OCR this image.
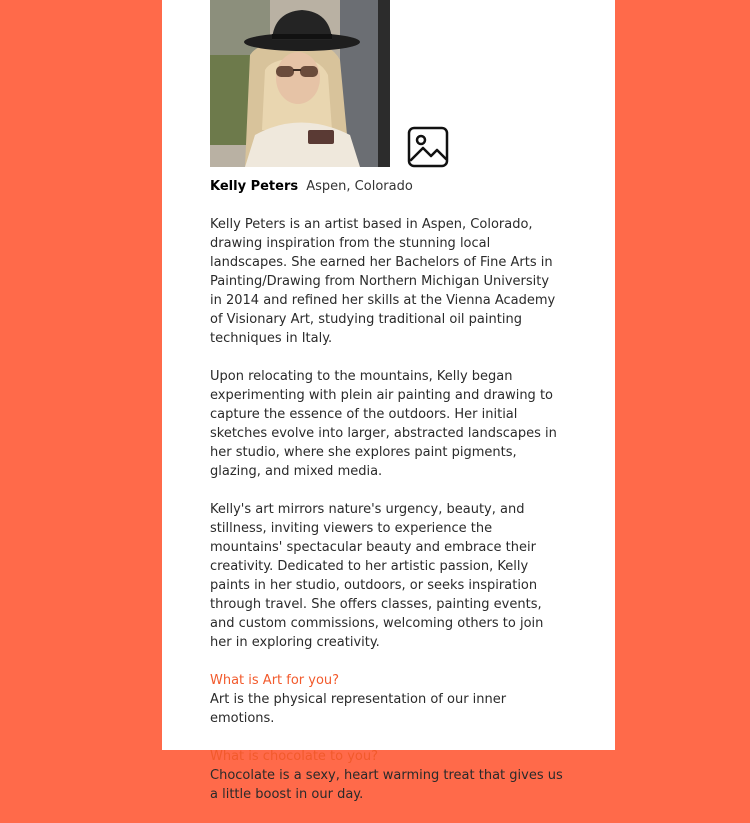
Kelly Peters Aspen, Colorado

Kelly Peters is an artist based in Aspen, Colorado, drawing inspiration from the stunning local landscapes. She earned her Bachelors of Fine Arts in Painting/Drawing from Northern Michigan University in 2014 and refined her skills at the Vienna Academy of Visionary Art, studying traditional oil painting techniques in Italy.

Upon relocating to the mountains, Kelly began experimenting with plein air painting and drawing to capture the essence of the outdoors. Her initial sketches evolve into larger, abstracted landscapes in her studio, where she explores paint pigments, glazing, and mixed media.

Kelly's art mirrors nature's urgency, beauty, and stillness, inviting viewers to experience the mountains' spectacular beauty and embrace their creativity. Dedicated to her artistic passion, Kelly paints in her studio, outdoors, or seeks inspiration through travel. She offers classes, painting events, and custom commissions, welcoming others to join her in exploring creativity.

What is Art for you?

Art is the physical representation of our inner emotions.

What is chocolate to you?

Chocolate is a sexy, heart warming treat that gives us a little boost in our day.
